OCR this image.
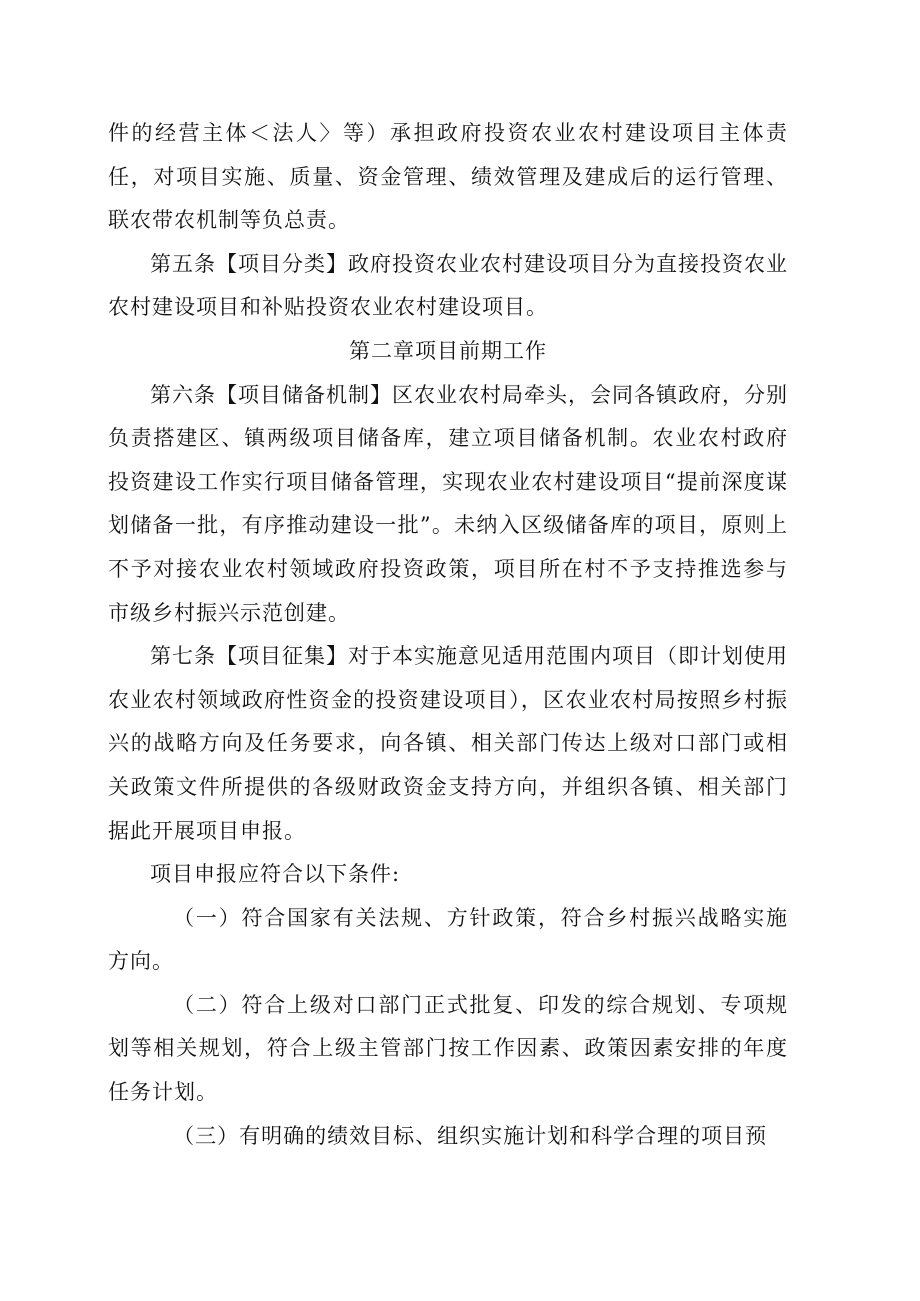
件的经营主体＜法人〉等）承担政府投资农业农村建设项目主体责任，对项目实施、质量、资金管理、绩效管理及建成后的运行管理、联农带农机制等负总责。

第五条【项目分类】政府投资农业农村建设项目分为直接投资农业农村建设项目和补贴投资农业农村建设项目。

第二章项目前期工作

第六条【项目储备机制】区农业农村局牵头，会同各镇政府，分别负责搭建区、镇两级项目储备库，建立项目储备机制。农业农村政府投资建设工作实行项目储备管理，实现农业农村建设项目“提前深度谋划储备一批，有序推动建设一批”。未纳入区级储备库的项目，原则上不予对接农业农村领域政府投资政策，项目所在村不予支持推选参与市级乡村振兴示范创建。

第七条【项目征集】对于本实施意见适用范围内项目（即计划使用农业农村领域政府性资金的投资建设项目），区农业农村局按照乡村振兴的战略方向及任务要求，向各镇、相关部门传达上级对口部门或相关政策文件所提供的各级财政资金支持方向，并组织各镇、相关部门据此开展项目申报。

项目申报应符合以下条件:

（一）符合国家有关法规、方针政策，符合乡村振兴战略实施方向。

（二）符合上级对口部门正式批复、印发的综合规划、专项规划等相关规划，符合上级主管部门按工作因素、政策因素安排的年度任务计划。

（三）有明确的绩效目标、组织实施计划和科学合理的项目预
